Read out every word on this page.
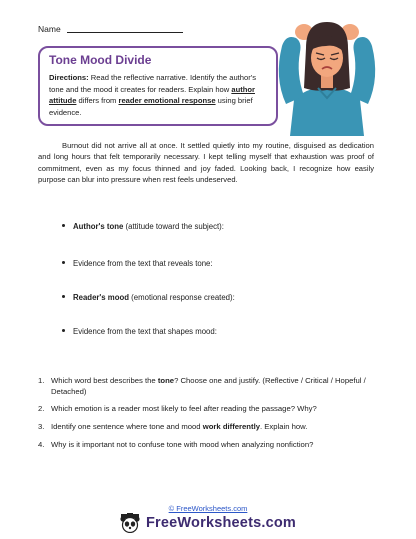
Name
Tone Mood Divide
Directions: Read the reflective narrative. Identify the author's tone and the mood it creates for readers. Explain how author attitude differs from reader emotional response using brief evidence.
Burnout did not arrive all at once. It settled quietly into my routine, disguised as dedication and long hours that felt temporarily necessary. I kept telling myself that exhaustion was proof of commitment, even as my focus thinned and joy faded. Looking back, I recognize how easily purpose can blur into pressure when rest feels undeserved.
Author's tone (attitude toward the subject):
Evidence from the text that reveals tone:
Reader's mood (emotional response created):
Evidence from the text that shapes mood:
1. Which word best describes the tone? Choose one and justify. (Reflective / Critical / Hopeful / Detached)
2. Which emotion is a reader most likely to feel after reading the passage? Why?
3. Identify one sentence where tone and mood work differently. Explain how.
4. Why is it important not to confuse tone with mood when analyzing nonfiction?
© FreeWorksheets.com
FreeWorksheets.com
